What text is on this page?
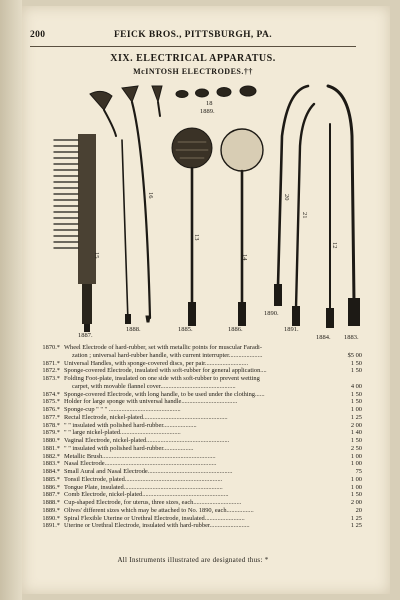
200	FEICK BROS., PITTSBURGH, PA.
XIX. ELECTRICAL APPARATUS.
McINTOSH ELECTRODES.††
18
1889.
15
16
13
14
20
21
12
1887.
1888.	1885.	1886.
1890.
1891.
1884. 1883.
1870.* Wheel Electrode of hard-rubber, set with metallic points for muscular Faradi-
zation ; universal hard-rubber handle, with current interrupter.....................	$5 00
1871.* Universal Handles, with sponge-covered discs, per pair...........................	1 50
1872.* Sponge-covered Electrode, insulated with soft-rubber for general application....	1 50
1873.* Folding Foot-plate, insulated on one side with soft-rubber to prevent wetting
carpet, with movable flannel cover...............................................	4 00
1874.* Sponge-covered Electrode, with long handle, to be used under the clothing......	1 50
1875.* Holder for large sponge with universal handle...................................	1 50
1876.* Sponge-cup " " " .............................................	1 00
1877.* Rectal Electrode, nickel-plated.....................................................	1 25
1878.* " " insulated with polished hard-rubber.....................	2 00
1879.* " " large nickel-plated......................................	1 40
1880.* Vaginal Electrode, nickel-plated....................................................	1 50
1881.* " " insulated with polished hard-rubber...................	2 50
1882.* Metallic Brush.......................................................................	1 00
1883.* Nasal Electrode......................................................................	1 00
1884.* Small Aural and Nasal Electrode.....................................................	75
1885.* Tonsil Electrode, plated.............................................................	1 00
1886.* Tongue Plate, insulated..............................................................	1 00
1887.* Comb Electrode, nickel-plated......................................................	1 50
1888.* Cup-shaped Electrode, for uterus, three sizes, each..............................	2 00
1889.* Olives' different sizes which may be attached to No. 1890, each.................	20
1890.* Spiral Flexible Uterine or Urethral Electrode, insulated.........................	1 25
1891.* Uterine or Urethral Electrode, insulated with hard-rubber.........................	1 25
All Instruments illustrated are designated thus: *
